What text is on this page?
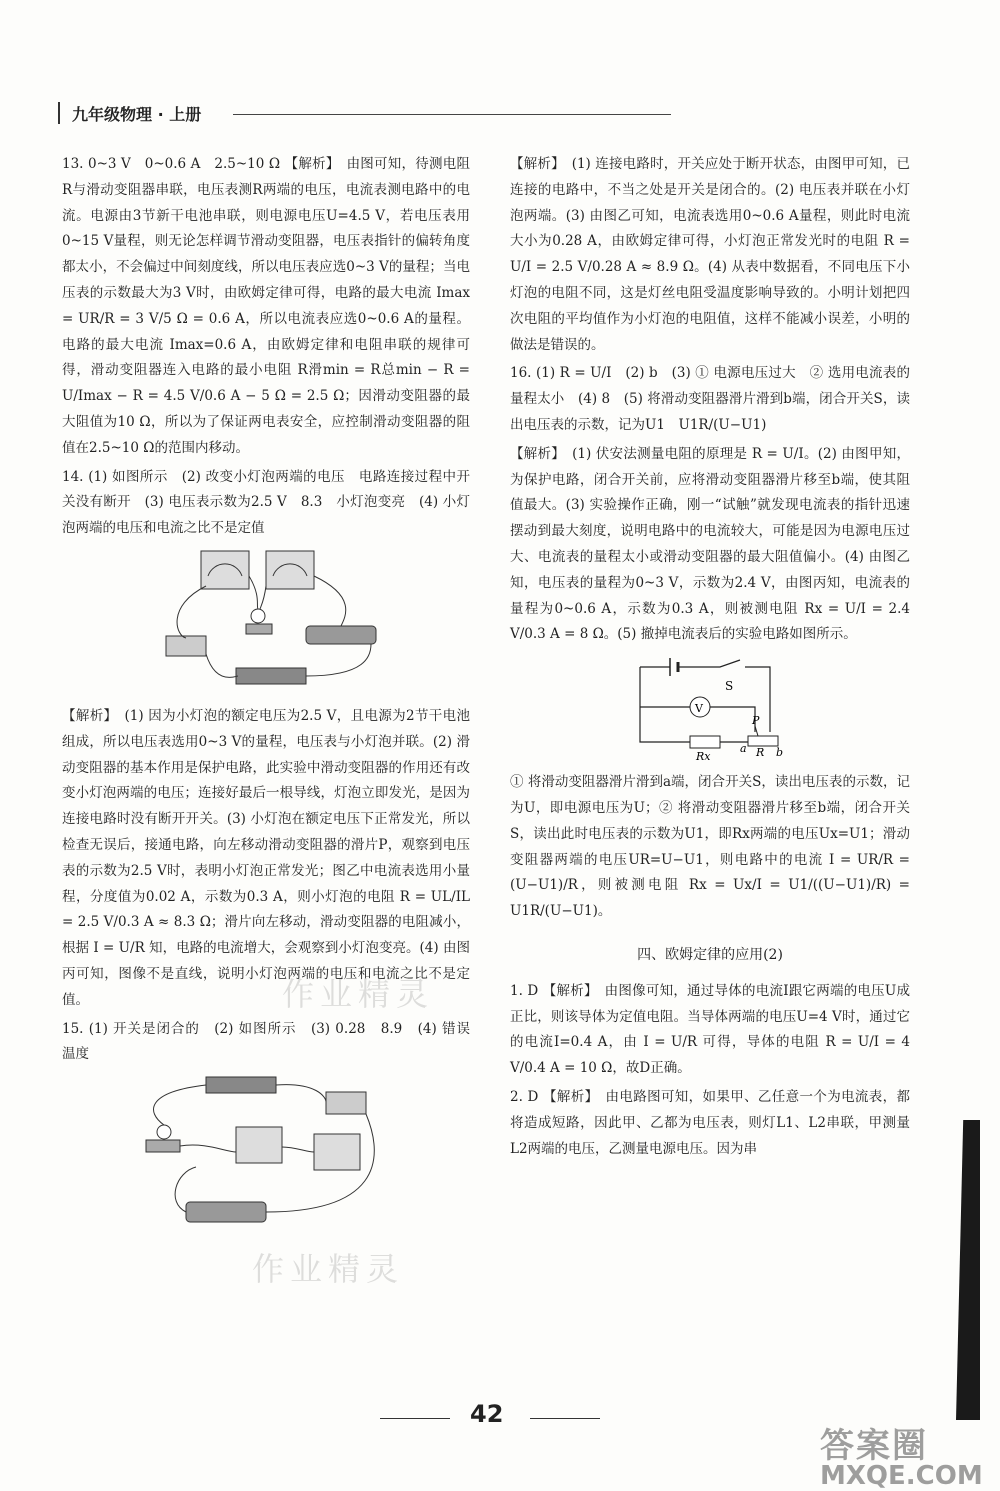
九年级物理 · 上册

13. 0~3 V　0~0.6 A　2.5~10 Ω 【解析】　由图可知，待测电阻R与滑动变阻器串联，电压表测R两端的电压，电流表测电路中的电流。电源由3节新干电池串联，则电源电压U=4.5 V，若电压表用0~15 V量程，则无论怎样调节滑动变阻器，电压表指针的偏转角度都太小，不会偏过中间刻度线，所以电压表应选0~3 V的量程；当电压表的示数最大为3 V时，由欧姆定律可得，电路的最大电流 Imax = UR/R = 3 V/5 Ω = 0.6 A，所以电流表应选0~0.6 A的量程。电路的最大电流 Imax=0.6 A，由欧姆定律和电阻串联的规律可得，滑动变阻器连入电路的最小电阻 R滑min = R总min − R = U/Imax − R = 4.5 V/0.6 A − 5 Ω = 2.5 Ω；因滑动变阻器的最大阻值为10 Ω，所以为了保证两电表安全，应控制滑动变阻器的阻值在2.5~10 Ω的范围内移动。

14. (1) 如图所示　(2) 改变小灯泡两端的电压　电路连接过程中开关没有断开　(3) 电压表示数为2.5 V　8.3　小灯泡变亮　(4) 小灯泡两端的电压和电流之比不是定值

【解析】　(1) 因为小灯泡的额定电压为2.5 V，且电源为2节干电池组成，所以电压表选用0~3 V的量程，电压表与小灯泡并联。(2) 滑动变阻器的基本作用是保护电路，此实验中滑动变阻器的作用还有改变小灯泡两端的电压；连接好最后一根导线，灯泡立即发光，是因为连接电路时没有断开开关。(3) 小灯泡在额定电压下正常发光，所以检查无误后，接通电路，向左移动滑动变阻器的滑片P，观察到电压表的示数为2.5 V时，表明小灯泡正常发光；图乙中电流表选用小量程，分度值为0.02 A，示数为0.3 A，则小灯泡的电阻 R = UL/IL = 2.5 V/0.3 A ≈ 8.3 Ω；滑片向左移动，滑动变阻器的电阻减小，根据 I = U/R 知，电路的电流增大，会观察到小灯泡变亮。(4) 由图丙可知，图像不是直线，说明小灯泡两端的电压和电流之比不是定值。

15. (1) 开关是闭合的　(2) 如图所示　(3) 0.28　8.9　(4) 错误　温度

作业精灵
作业精灵

【解析】　(1) 连接电路时，开关应处于断开状态，由图甲可知，已连接的电路中，不当之处是开关是闭合的。(2) 电压表并联在小灯泡两端。(3) 由图乙可知，电流表选用0~0.6 A量程，则此时电流大小为0.28 A，由欧姆定律可得，小灯泡正常发光时的电阻 R = U/I = 2.5 V/0.28 A ≈ 8.9 Ω。(4) 从表中数据看，不同电压下小灯泡的电阻不同，这是灯丝电阻受温度影响导致的。小明计划把四次电阻的平均值作为小灯泡的电阻值，这样不能减小误差，小明的做法是错误的。

16. (1) R = U/I　(2) b　(3) ① 电源电压过大　② 选用电流表的量程太小　(4) 8　(5) 将滑动变阻器滑片滑到b端，闭合开关S，读出电压表的示数，记为U1　U1R/(U−U1)

【解析】　(1) 伏安法测量电阻的原理是 R = U/I。(2) 由图甲知，为保护电路，闭合开关前，应将滑动变阻器滑片移至b端，使其阻值最大。(3) 实验操作正确，刚一“试触”就发现电流表的指针迅速摆动到最大刻度，说明电路中的电流较大，可能是因为电源电压过大、电流表的量程太小或滑动变阻器的最大阻值偏小。(4) 由图乙知，电压表的量程为0~3 V，示数为2.4 V，由图丙知，电流表的量程为0~0.6 A，示数为0.3 A，则被测电阻 Rx = U/I = 2.4 V/0.3 A = 8 Ω。(5) 撤掉电流表后的实验电路如图所示。

S
V
P
Rx
a R b

① 将滑动变阻器滑片滑到a端，闭合开关S，读出电压表的示数，记为U，即电源电压为U；② 将滑动变阻器滑片移至b端，闭合开关S，读出此时电压表的示数为U1，即Rx两端的电压Ux=U1；滑动变阻器两端的电压UR=U−U1，则电路中的电流 I = UR/R = (U−U1)/R，则被测电阻 Rx = Ux/I = U1/((U−U1)/R) = U1R/(U−U1)。

四、欧姆定律的应用(2)

1. D 【解析】　由图像可知，通过导体的电流I跟它两端的电压U成正比，则该导体为定值电阻。当导体两端的电压U=4 V时，通过它的电流I=0.4 A，由 I = U/R 可得，导体的电阻 R = U/I = 4 V/0.4 A = 10 Ω，故D正确。

2. D 【解析】　由电路图可知，如果甲、乙任意一个为电流表，都将造成短路，因此甲、乙都为电压表，则灯L1、L2串联，甲测量L2两端的电压，乙测量电源电压。因为串

42
答案圈
MXQE.COM
